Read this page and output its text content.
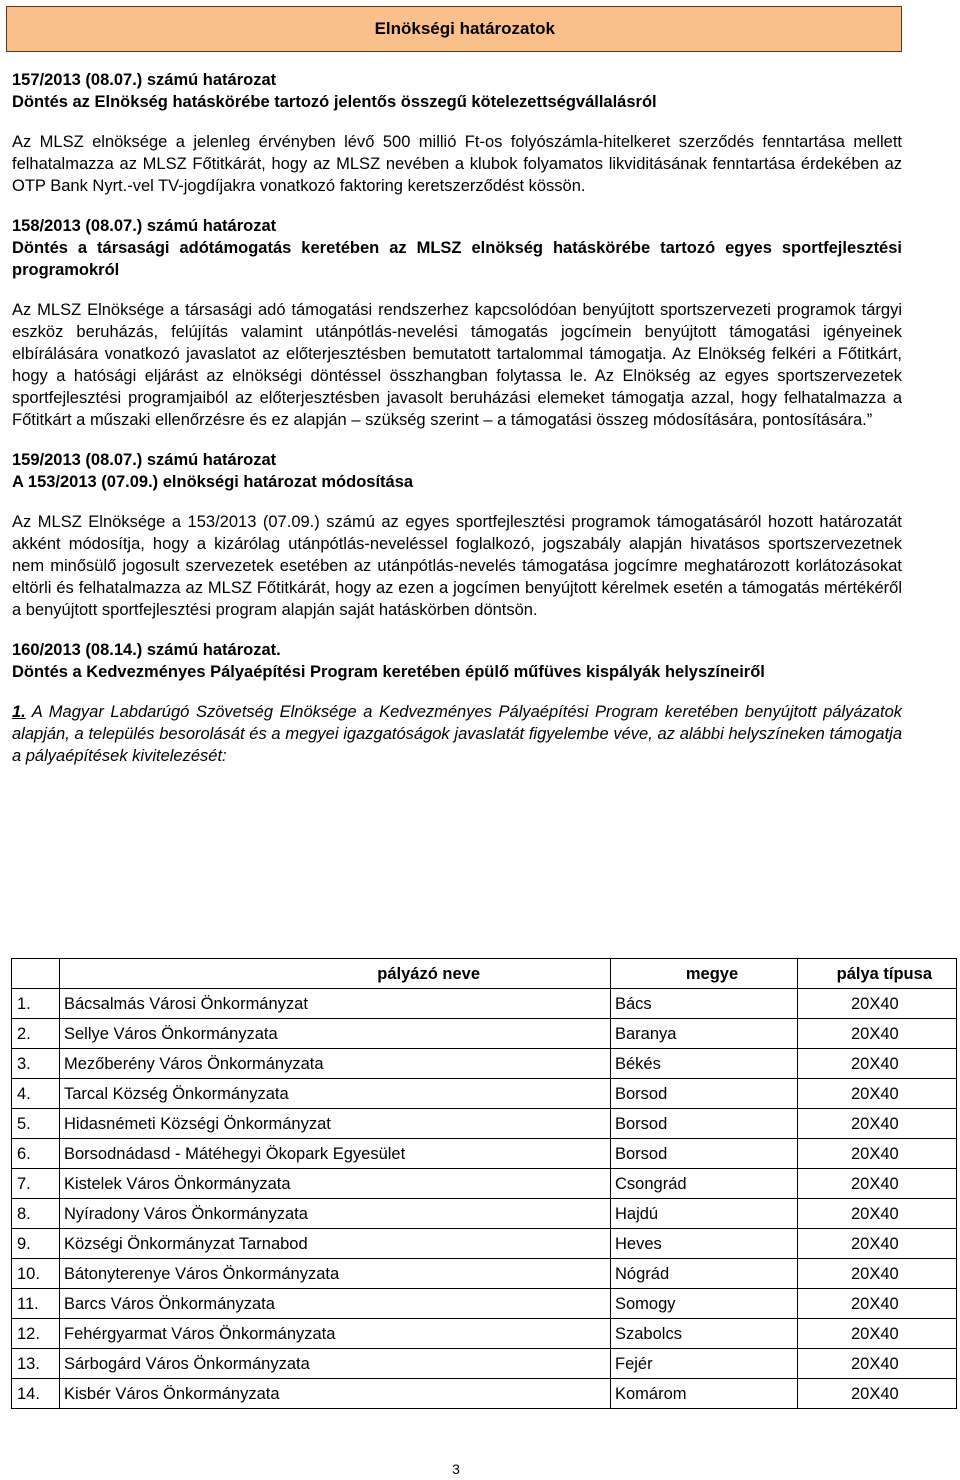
Elnökségi határozatok

157/2013 (08.07.) számú határozat

Döntés az Elnökség hatáskörébe tartozó jelentős összegű kötelezettségvállalásról

Az MLSZ elnöksége a jelenleg érvényben lévő 500 millió Ft-os folyószámla-hitelkeret szerződés fenntartása mellett felhatalmazza az MLSZ Főtitkárát, hogy az MLSZ nevében a klubok folyamatos likviditásának fenntartása érdekében az OTP Bank Nyrt.-vel TV-jogdíjakra vonatkozó faktoring keretszerződést kössön.

158/2013 (08.07.) számú határozat

Döntés a társasági adótámogatás keretében az MLSZ elnökség hatáskörébe tartozó egyes sportfejlesztési programokról

Az MLSZ Elnöksége a társasági adó támogatási rendszerhez kapcsolódóan benyújtott sportszervezeti programok tárgyi eszköz beruházás, felújítás valamint utánpótlás-nevelési támogatás jogcímein benyújtott támogatási igényeinek elbírálására vonatkozó javaslatot az előterjesztésben bemutatott tartalommal támogatja. Az Elnökség felkéri a Főtitkárt, hogy a hatósági eljárást az elnökségi döntéssel összhangban folytassa le. Az Elnökség az egyes sportszervezetek sportfejlesztési programjaiból az előterjesztésben javasolt beruházási elemeket támogatja azzal, hogy felhatalmazza a Főtitkárt a műszaki ellenőrzésre és ez alapján – szükség szerint – a támogatási összeg módosítására, pontosítására.”

159/2013 (08.07.) számú határozat

A 153/2013 (07.09.) elnökségi határozat módosítása

Az MLSZ Elnöksége a 153/2013 (07.09.) számú az egyes sportfejlesztési programok támogatásáról hozott határozatát akként módosítja, hogy a kizárólag utánpótlás-neveléssel foglalkozó, jogszabály alapján hivatásos sportszervezetnek nem minősülő jogosult szervezetek esetében az utánpótlás-nevelés támogatása jogcímre meghatározott korlátozásokat eltörli és felhatalmazza az MLSZ Főtitkárát, hogy az ezen a jogcímen benyújtott kérelmek esetén a támogatás mértékéről a benyújtott sportfejlesztési program alapján saját hatáskörben döntsön.

160/2013 (08.14.) számú határozat.

Döntés a Kedvezményes Pályaépítési Program keretében épülő műfüves kispályák helyszíneiről

1. A Magyar Labdarúgó Szövetség Elnöksége a Kedvezményes Pályaépítési Program keretében benyújtott pályázatok alapján, a település besorolását és a megyei igazgatóságok javaslatát figyelembe véve, az alábbi helyszíneken támogatja a pályaépítések kivitelezését:

	pályázó neve	megye	pálya típusa
1.	Bácsalmás Városi Önkormányzat	Bács	20X40
2.	Sellye Város Önkormányzata	Baranya	20X40
3.	Mezőberény Város Önkormányzata	Békés	20X40
4.	Tarcal Község Önkormányzata	Borsod	20X40
5.	Hidasnémeti Községi Önkormányzat	Borsod	20X40
6.	Borsodnádasd - Mátéhegyi Ökopark Egyesület	Borsod	20X40
7.	Kistelek Város Önkormányzata	Csongrád	20X40
8.	Nyíradony Város Önkormányzata	Hajdú	20X40
9.	Községi Önkormányzat Tarnabod	Heves	20X40
10.	Bátonyterenye Város Önkormányzata	Nógrád	20X40
11.	Barcs Város Önkormányzata	Somogy	20X40
12.	Fehérgyarmat Város Önkormányzata	Szabolcs	20X40
13.	Sárbogárd Város Önkormányzata	Fejér	20X40
14.	Kisbér Város Önkormányzata	Komárom	20X40
3
